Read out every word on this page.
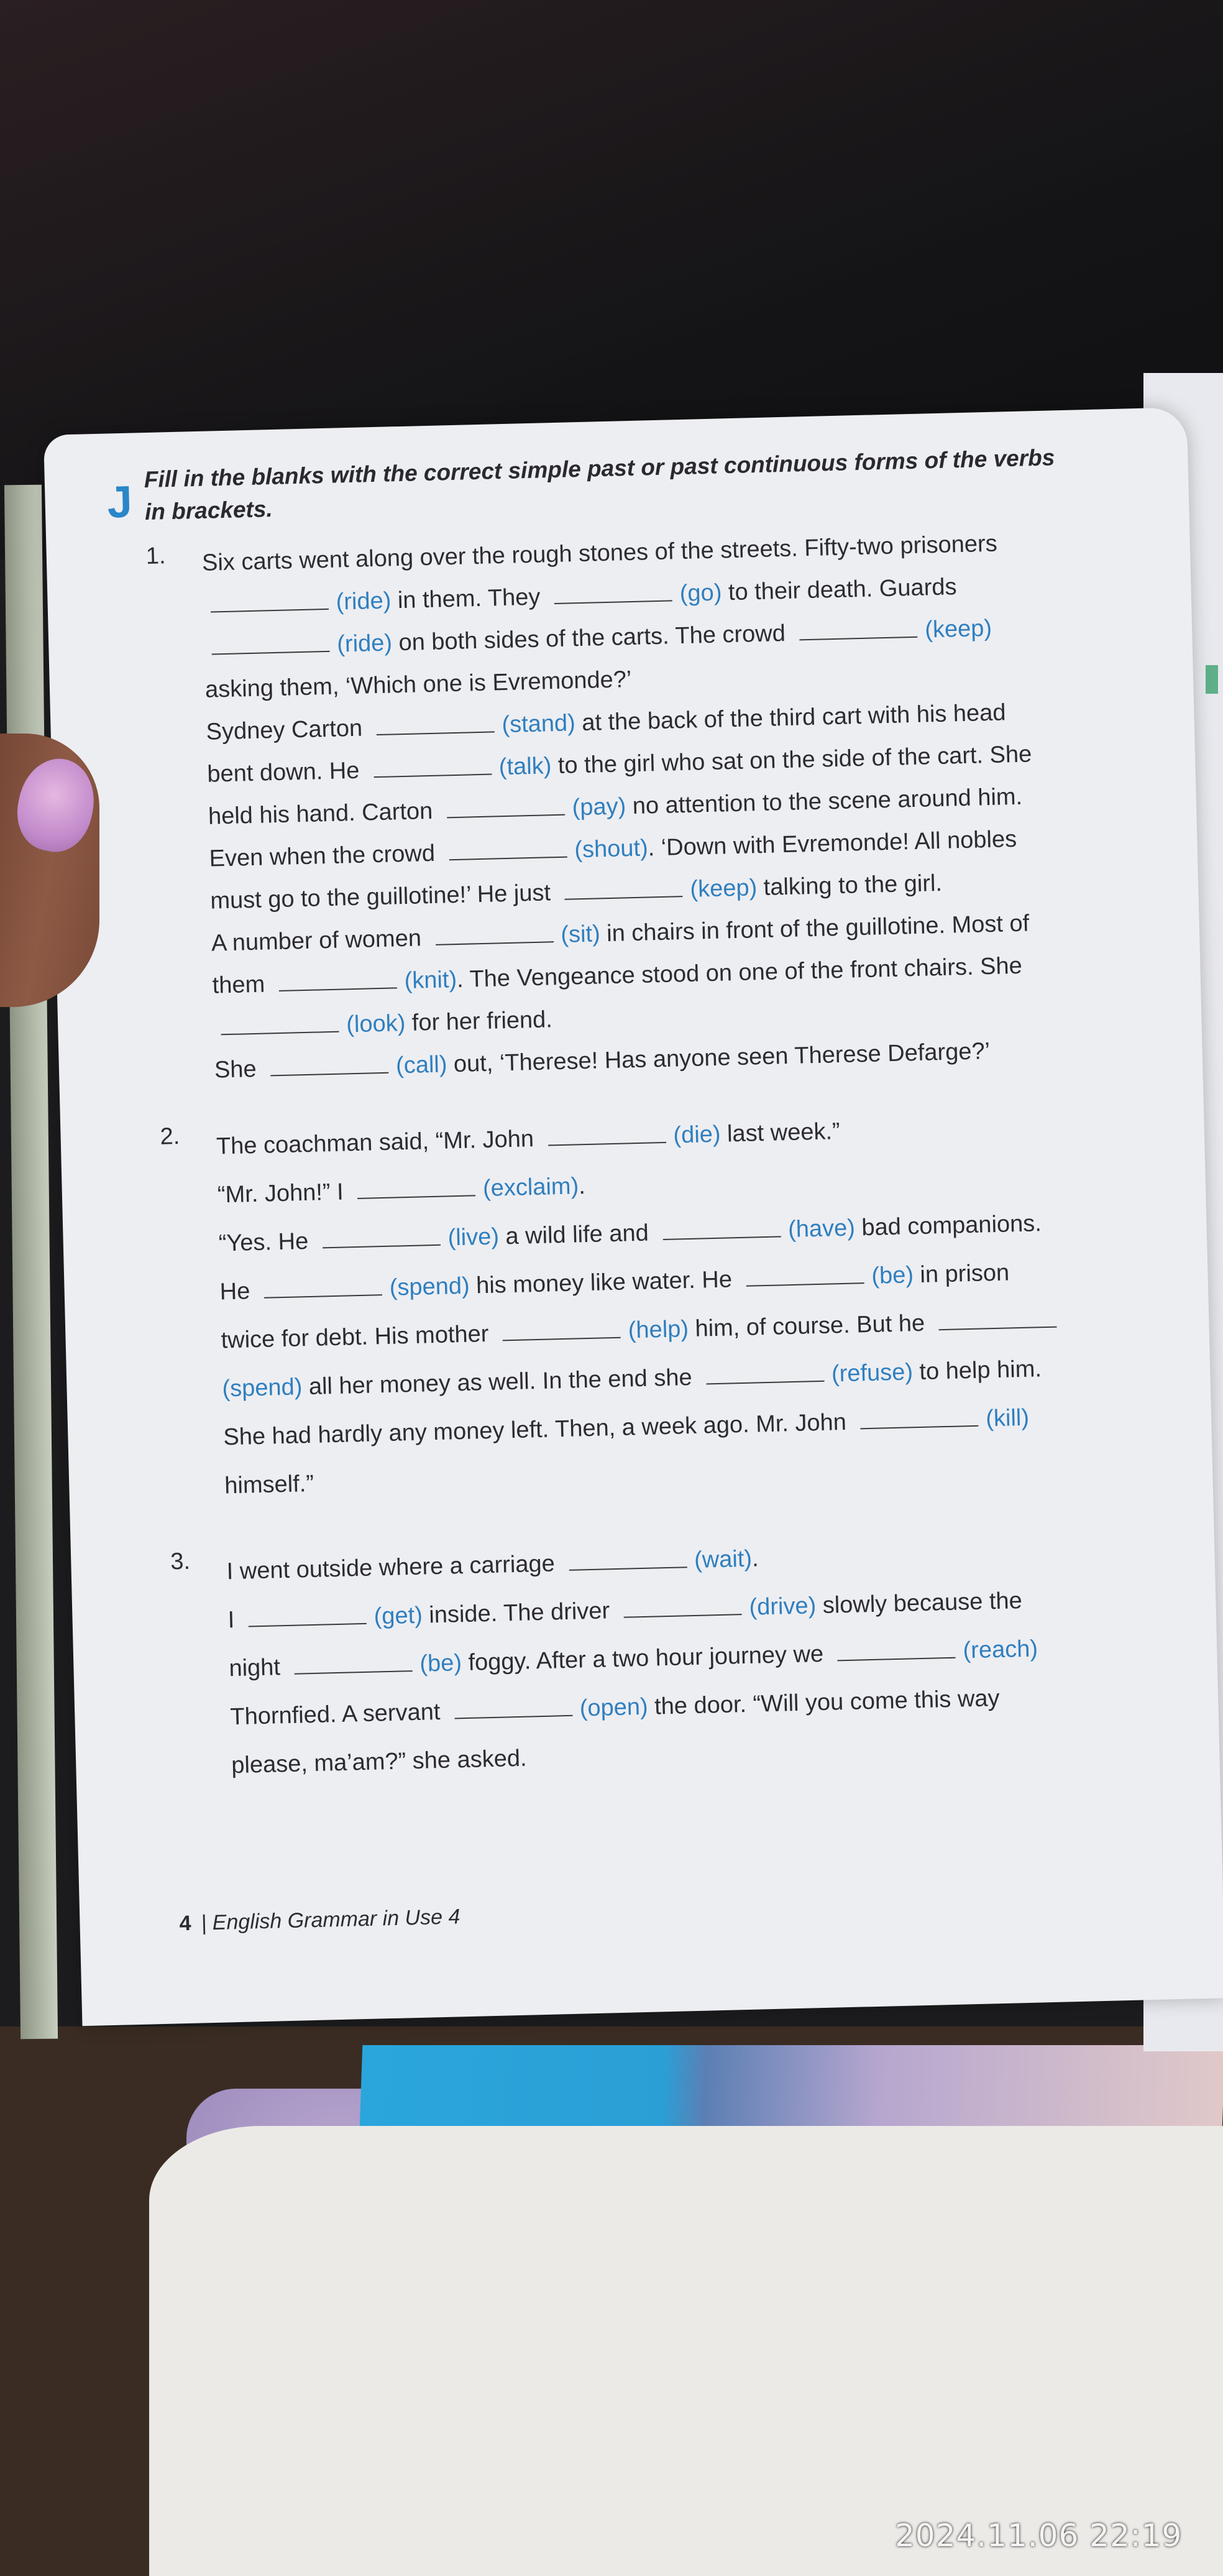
J
Fill in the blanks with the correct simple past or past continuous forms of the verbs
in brackets.
1. Six carts went along over the rough stones of the streets. Fifty-two prisoners
(ride) in them. They	(go) to their death. Guards
(ride) on both sides of the carts. The crowd	(keep)
asking them, ‘Which one is Evremonde?’
Sydney Carton	(stand) at the back of the third cart with his head
bent down. He	(talk) to the girl who sat on the side of the cart. She
held his hand. Carton	(pay) no attention to the scene around him.
Even when the crowd	(shout). ‘Down with Evremonde! All nobles
must go to the guillotine!’ He just	(keep) talking to the girl.
A number of women	(sit) in chairs in front of the guillotine. Most of
them	(knit). The Vengeance stood on one of the front chairs. She
(look) for her friend.
She	(call) out, ‘Therese! Has anyone seen Therese Defarge?’
2. The coachman said, “Mr. John	(die) last week.”
“Mr. John!” I	(exclaim).
“Yes. He	(live) a wild life and	(have) bad companions.
He	(spend) his money like water. He	(be) in prison
twice for debt. His mother	(help) him, of course. But he
(spend) all her money as well. In the end she	(refuse) to help him.
She had hardly any money left. Then, a week ago. Mr. John	(kill)
himself.”
3. I went outside where a carriage	(wait).
I	(get) inside. The driver	(drive) slowly because the
night	(be) foggy. After a two hour journey we	(reach)
Thornfied. A servant	(open) the door. “Will you come this way
please, ma’am?” she asked.
4 | English Grammar in Use 4
2024.11.06 22:19
